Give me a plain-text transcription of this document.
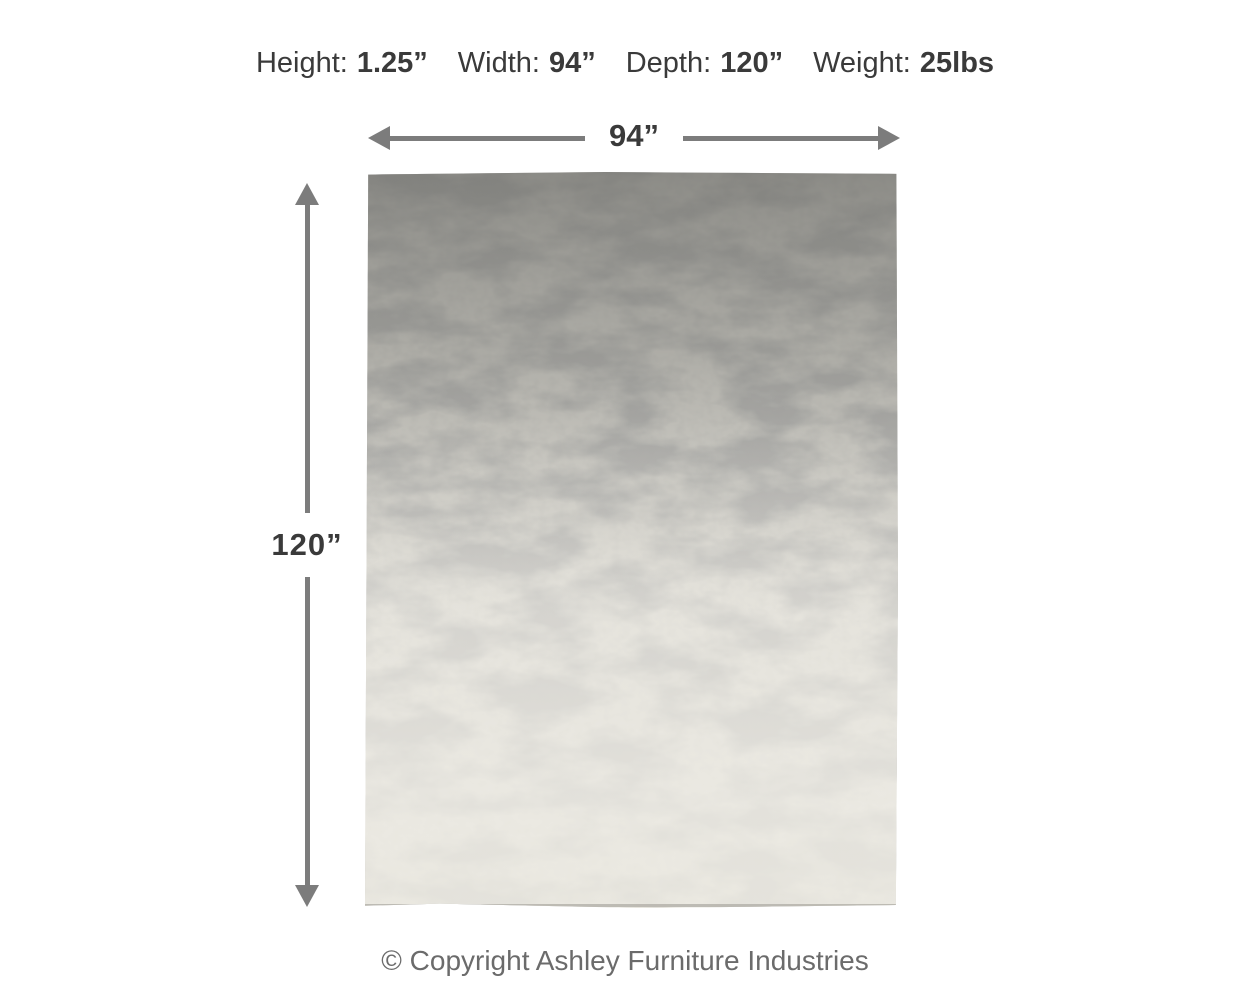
Height: 1.25” Width: 94” Depth: 120” Weight: 25lbs
94”
120”
© Copyright Ashley Furniture Industries
